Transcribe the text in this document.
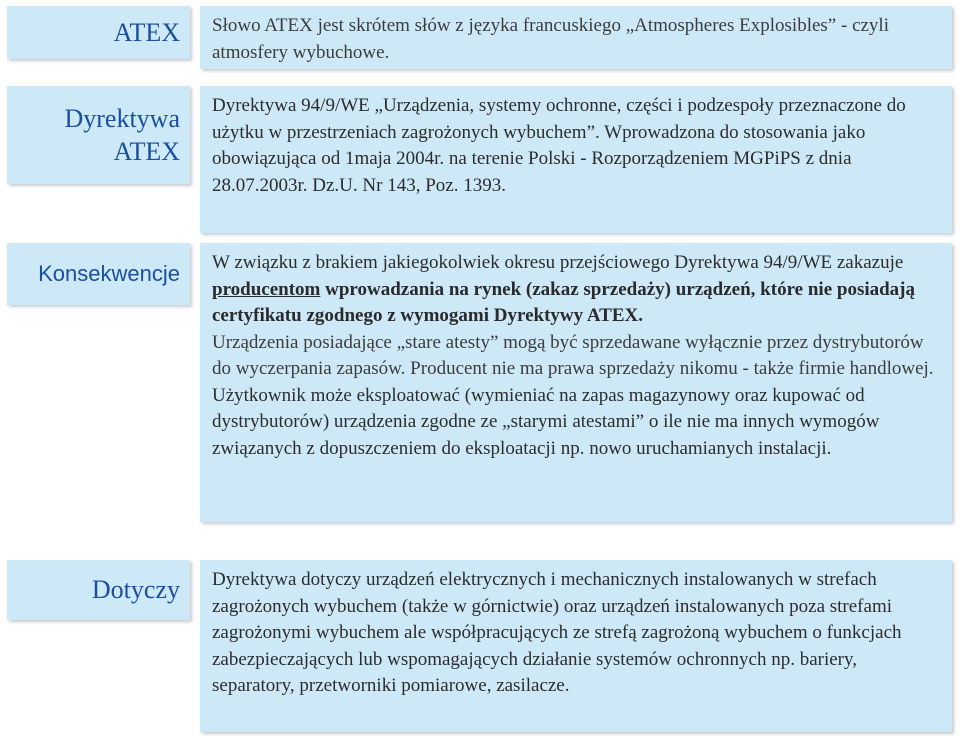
ATEX Słowo ATEX jest skrótem słów z języka francuskiego „Atmospheres Explosibles” - czyli atmosfery wybuchowe.

Dyrektywa
ATEX

Dyrektywa 94/9/WE „Urządzenia, systemy ochronne, części i podzespoły przeznaczone do użytku w przestrzeniach zagrożonych wybuchem”. Wprowadzona do stosowania jako obowiązująca od 1maja 2004r. na terenie Polski - Rozporządzeniem MGPiPS z dnia 28.07.2003r. Dz.U. Nr 143, Poz. 1393.

Konsekwencje W związku z brakiem jakiegokolwiek okresu przejściowego Dyrektywa 94/9/WE zakazuje producentom wprowadzania na rynek (zakaz sprzedaży) urządzeń, które nie posiadają certyfikatu zgodnego z wymogami Dyrektywy ATEX.

Urządzenia posiadające „stare atesty” mogą być sprzedawane wyłącznie przez dystrybutorów do wyczerpania zapasów. Producent nie ma prawa sprzedaży nikomu - także firmie handlowej.

Użytkownik może eksploatować (wymieniać na zapas magazynowy oraz kupować od dystrybutorów) urządzenia zgodne ze „starymi atestami” o ile nie ma innych wymogów związanych z dopuszczeniem do eksploatacji np. nowo uruchamianych instalacji.

Dotyczy Dyrektywa dotyczy urządzeń elektrycznych i mechanicznych instalowanych w strefach zagrożonych wybuchem (także w górnictwie) oraz urządzeń instalowanych poza strefami zagrożonymi wybuchem ale współpracujących ze strefą zagrożoną wybuchem o funkcjach zabezpieczających lub wspomagających działanie systemów ochronnych np. bariery, separatory, przetworniki pomiarowe, zasilacze.
